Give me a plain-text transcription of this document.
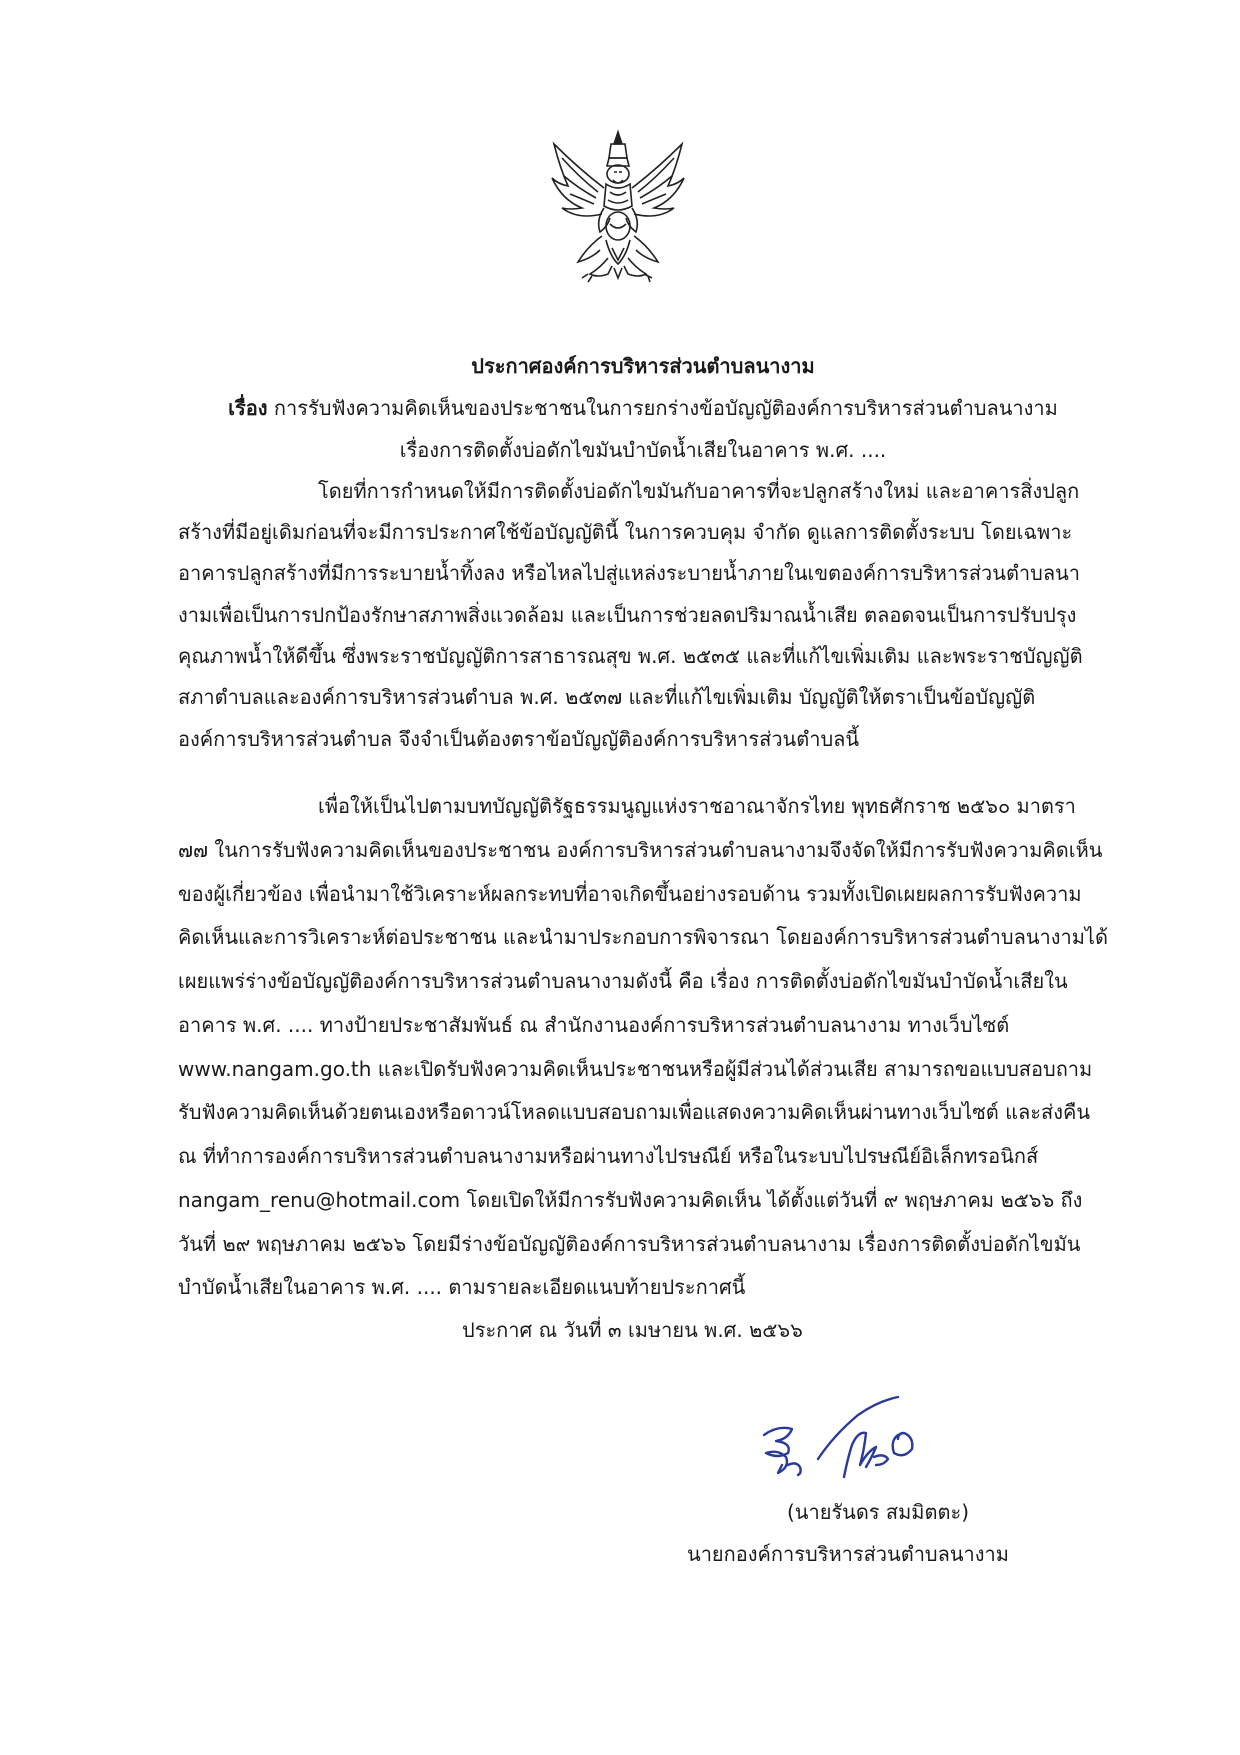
ประกาศองค์การบริหารส่วนตำบลนางาม
เรื่อง การรับฟังความคิดเห็นของประชาชนในการยกร่างข้อบัญญัติองค์การบริหารส่วนตำบลนางาม
เรื่องการติดตั้งบ่อดักไขมันบำบัดน้ำเสียในอาคาร พ.ศ. ....
โดยที่การกำหนดให้มีการติดตั้งบ่อดักไขมันกับอาคารที่จะปลูกสร้างใหม่ และอาคารสิ่งปลูก
สร้างที่มีอยู่เดิมก่อนที่จะมีการประกาศใช้ข้อบัญญัตินี้ ในการควบคุม จำกัด ดูแลการติดตั้งระบบ โดยเฉพาะ
อาคารปลูกสร้างที่มีการระบายน้ำทิ้งลง หรือไหลไปสู่แหล่งระบายน้ำภายในเขตองค์การบริหารส่วนตำบลนา
งามเพื่อเป็นการปกป้องรักษาสภาพสิ่งแวดล้อม และเป็นการช่วยลดปริมาณน้ำเสีย ตลอดจนเป็นการปรับปรุง
คุณภาพน้ำให้ดีขึ้น ซึ่งพระราชบัญญัติการสาธารณสุข พ.ศ. ๒๕๓๕ และที่แก้ไขเพิ่มเติม และพระราชบัญญัติ
สภาตำบลและองค์การบริหารส่วนตำบล พ.ศ. ๒๕๓๗ และที่แก้ไขเพิ่มเติม บัญญัติให้ตราเป็นข้อบัญญัติ
องค์การบริหารส่วนตำบล จึงจำเป็นต้องตราข้อบัญญัติองค์การบริหารส่วนตำบลนี้
เพื่อให้เป็นไปตามบทบัญญัติรัฐธรรมนูญแห่งราชอาณาจักรไทย พุทธศักราช ๒๕๖๐ มาตรา
๗๗ ในการรับฟังความคิดเห็นของประชาชน องค์การบริหารส่วนตำบลนางามจึงจัดให้มีการรับฟังความคิดเห็น
ของผู้เกี่ยวข้อง เพื่อนำมาใช้วิเคราะห์ผลกระทบที่อาจเกิดขึ้นอย่างรอบด้าน รวมทั้งเปิดเผยผลการรับฟังความ
คิดเห็นและการวิเคราะห์ต่อประชาชน และนำมาประกอบการพิจารณา โดยองค์การบริหารส่วนตำบลนางามได้
เผยแพร่ร่างข้อบัญญัติองค์การบริหารส่วนตำบลนางามดังนี้ คือ เรื่อง การติดตั้งบ่อดักไขมันบำบัดน้ำเสียใน
อาคาร พ.ศ. .... ทางป้ายประชาสัมพันธ์ ณ สำนักงานองค์การบริหารส่วนตำบลนางาม ทางเว็บไซต์
www.nangam.go.th และเปิดรับฟังความคิดเห็นประชาชนหรือผู้มีส่วนได้ส่วนเสีย สามารถขอแบบสอบถาม
รับฟังความคิดเห็นด้วยตนเองหรือดาวน์โหลดแบบสอบถามเพื่อแสดงความคิดเห็นผ่านทางเว็บไซต์ และส่งคืน
ณ ที่ทำการองค์การบริหารส่วนตำบลนางามหรือผ่านทางไปรษณีย์ หรือในระบบไปรษณีย์อิเล็กทรอนิกส์
nangam_renu@hotmail.com โดยเปิดให้มีการรับฟังความคิดเห็น ได้ตั้งแต่วันที่ ๙ พฤษภาคม ๒๕๖๖ ถึง
วันที่ ๒๙ พฤษภาคม ๒๕๖๖ โดยมีร่างข้อบัญญัติองค์การบริหารส่วนตำบลนางาม เรื่องการติดตั้งบ่อดักไขมัน
บำบัดน้ำเสียในอาคาร พ.ศ. .... ตามรายละเอียดแนบท้ายประกาศนี้
ประกาศ ณ วันที่ ๓ เมษายน พ.ศ. ๒๕๖๖
(นายรันดร สมมิตตะ)
นายกองค์การบริหารส่วนตำบลนางาม
